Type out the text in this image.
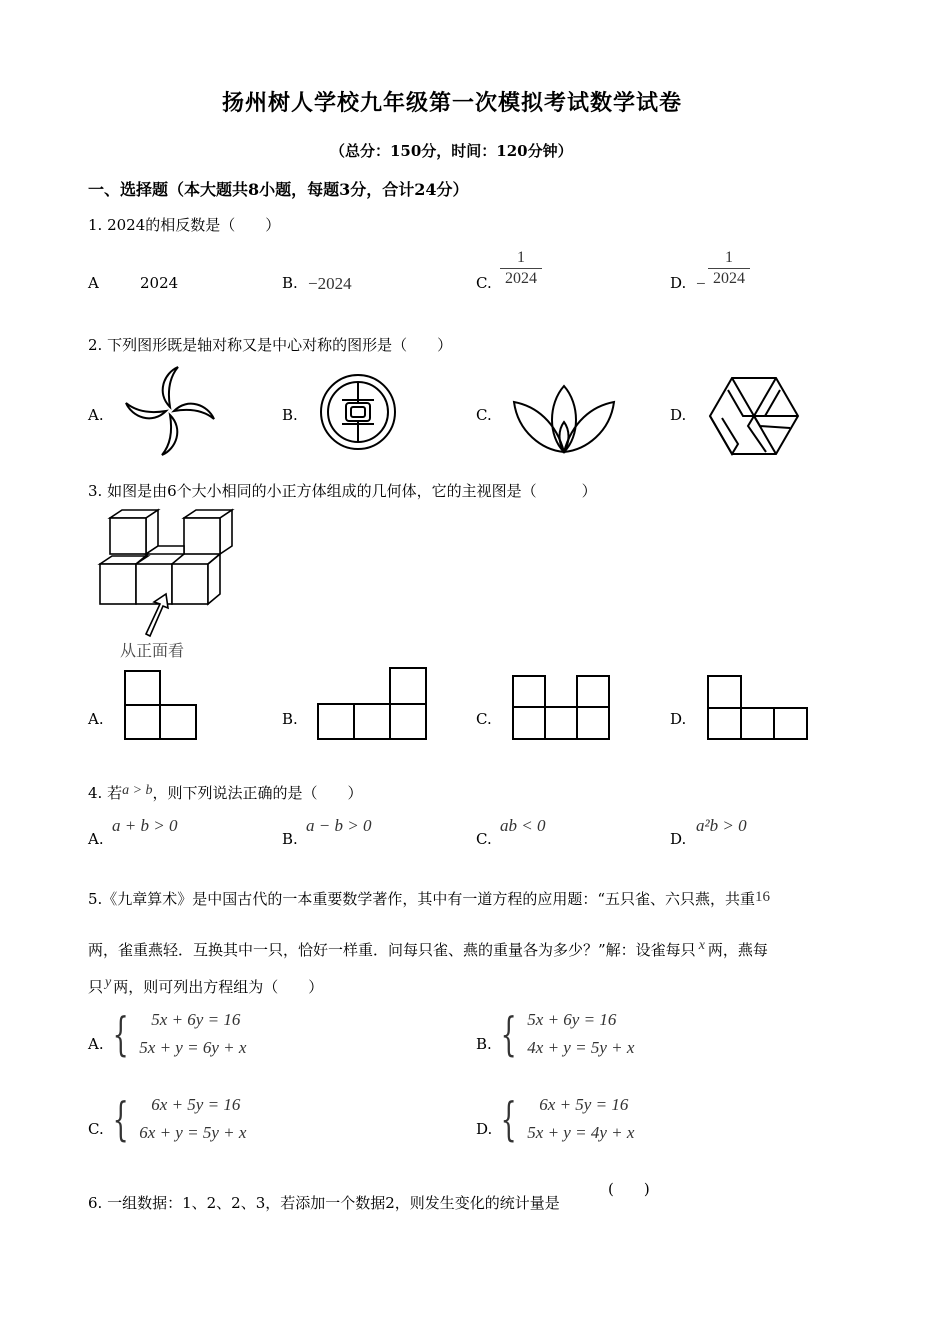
扬州树人学校九年级第一次模拟考试数学试卷
（总分：150分，时间：120分钟）
一、选择题（本大题共8小题，每题3分，合计24分）
1. 2024的相反数是（　　）
A	2024	B. −2024	C. $\frac{1}{2024}$	D. − $\frac{1}{2024}$
2. 下列图形既是轴对称又是中心对称的图形是（　　）
A.	B.	C.	D.
3. 如图是由6个大小相同的小正方体组成的几何体，它的主视图是（　　　）
从正面看
A.	B.	C.	D.
4. 若a > b，则下列说法正确的是（　　）
A.
a + b > 0
B.
a − b > 0
C.
ab < 0
D.
a²b > 0
5.《九章算术》是中国古代的一本重要数学著作，其中有一道方程的应用题：“五只雀、六只燕，共重16
两，雀重燕轻．互换其中一只，恰好一样重．问每只雀、燕的重量各为多少？”解：设雀每只 x 两，燕每
只 y 两，则可列出方程组为（　　）
A. {	5x + 6y = 16
5x + y = 6y + x	B. { 5x + 6y = 16
4x + y = 5y + x
C. {	6x + 5y = 16
6x + y = 5y + x	D. {	6x + 5y = 16
5x + y = 4y + x
6. 一组数据：1、2、2、3，若添加一个数据2，则发生变化的统计量是
(　　)
